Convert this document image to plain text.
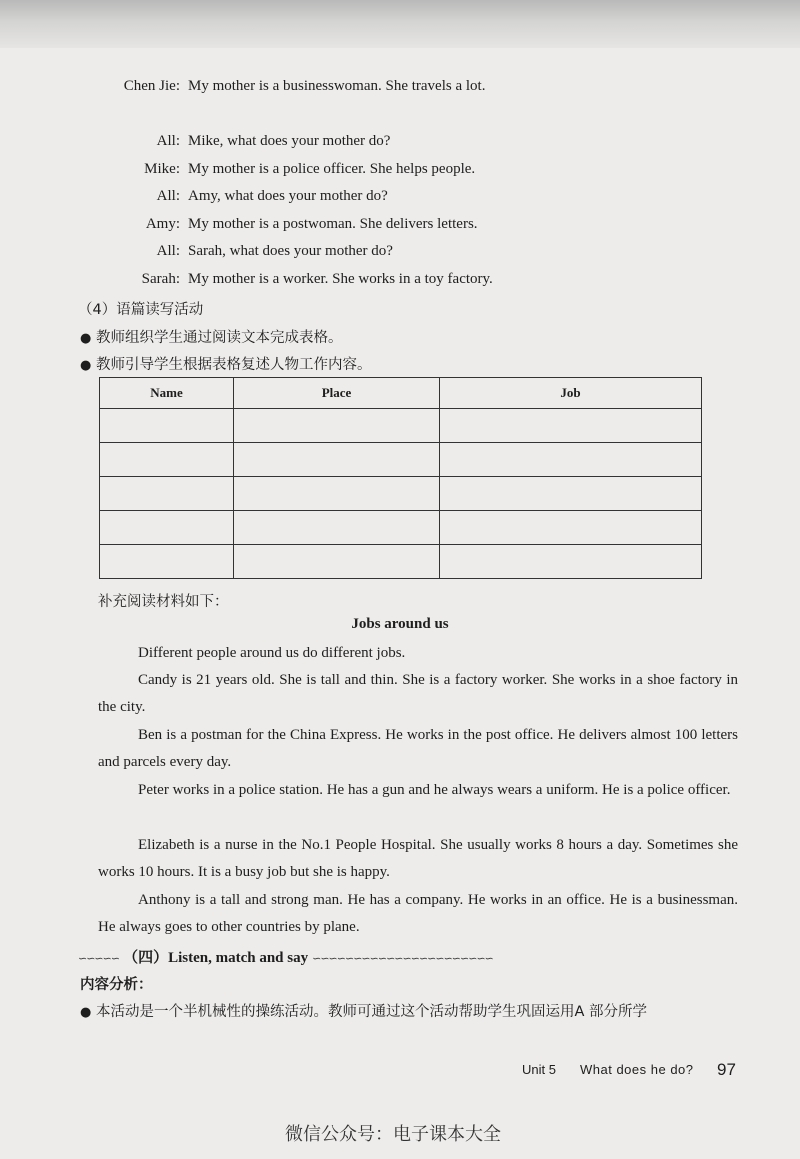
Chen Jie: My mother is a businesswoman. She travels a lot.
All: Mike, what does your mother do?
Mike: My mother is a police officer. She helps people.
All: Amy, what does your mother do?
Amy: My mother is a postwoman. She delivers letters.
All: Sarah, what does your mother do?
Sarah: My mother is a worker. She works in a toy factory.
（4）语篇读写活动
● 教师组织学生通过阅读文本完成表格。
● 教师引导学生根据表格复述人物工作内容。
Name	Place	Job

补充阅读材料如下：
Jobs around us
Different people around us do different jobs.
Candy is 21 years old. She is tall and thin. She is a factory worker. She works in a shoe factory in the city.
Ben is a postman for the China Express. He works in the post office. He delivers almost 100 letters and parcels every day.
Peter works in a police station. He has a gun and he always wears a uniform. He is a police officer.
Elizabeth is a nurse in the No.1 People Hospital. She usually works 8 hours a day. Sometimes she works 10 hours. It is a busy job but she is happy.
Anthony is a tall and strong man. He has a company. He works in an office. He is a businessman. He always goes to other countries by plane.
∽∽∽∽∽ （四）Listen, match and say ∽∽∽∽∽∽∽∽∽∽∽∽∽∽∽∽∽∽∽∽∽∽
内容分析：
● 本活动是一个半机械性的操练活动。教师可通过这个活动帮助学生巩固运用A 部分所学
Unit 5 What does he do? 97
微信公众号：电子课本大全
